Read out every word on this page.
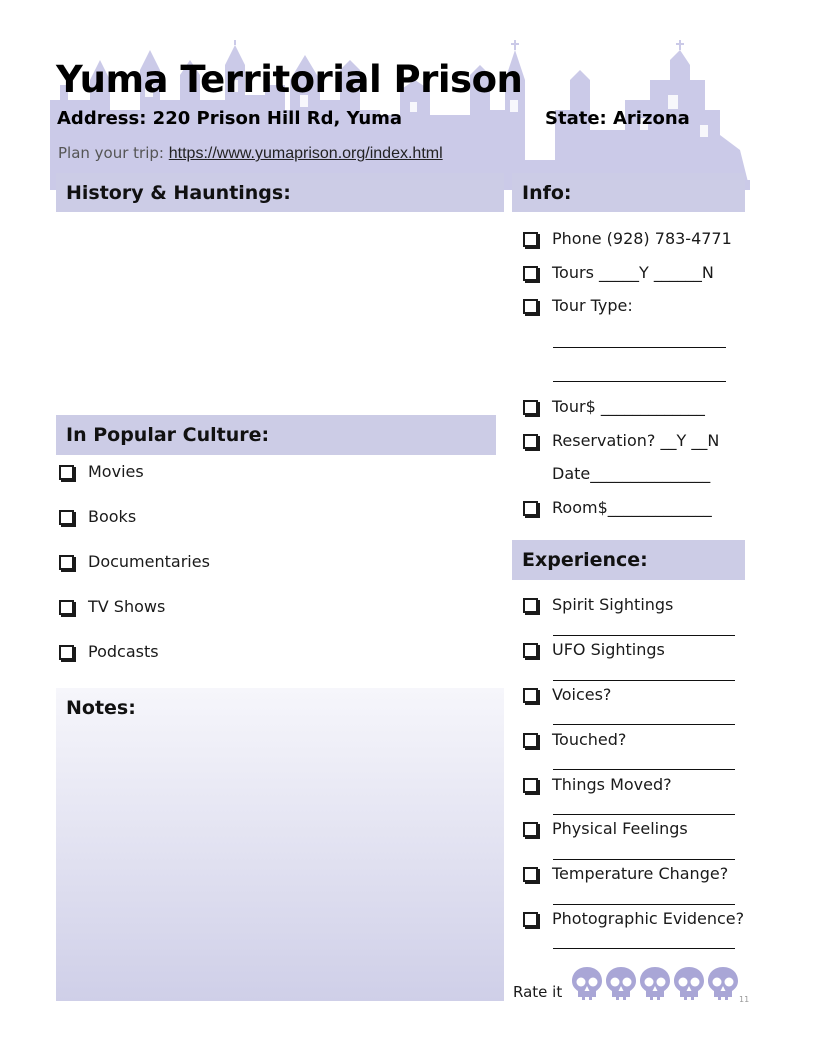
Yuma Territorial Prison
Address: 220 Prison Hill Rd, Yuma	State: Arizona
Plan your trip: https://www.yumaprison.org/index.html
History & Hauntings:	Info:
In Popular Culture:
Experience:
Notes:
Phone (928) 783-4771
Tours _____Y ______N
Tour Type:
Tour$ _____________
Reservation? __Y __N
Date_______________
Room$_____________
Movies
Books
Documentaries
TV Shows
Podcasts
Spirit Sightings
UFO Sightings
Voices?
Touched?
Things Moved?
Physical Feelings
Temperature Change?
Photographic Evidence?
Rate it	11
